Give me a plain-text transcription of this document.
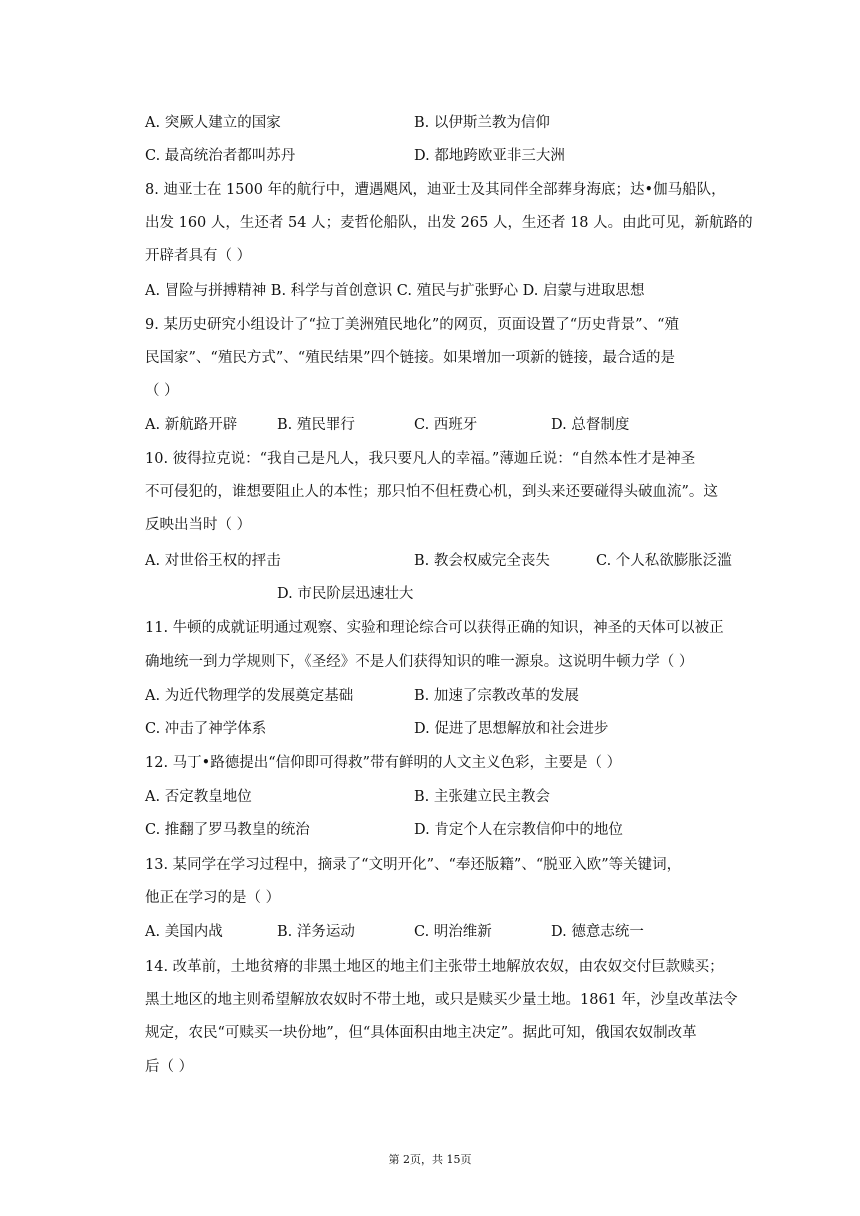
A. 突厥人建立的国家	B. 以伊斯兰教为信仰
C. 最高统治者都叫苏丹	D. 都地跨欧亚非三大洲
8. 迪亚士在 1500 年的航行中，遭遇飓风，迪亚士及其同伴全部葬身海底；达•伽马船队，
出发 160 人，生还者 54 人；麦哲伦船队，出发 265 人，生还者 18 人。由此可见，新航路的
开辟者具有（ ）
A. 冒险与拼搏精神 B. 科学与首创意识 C. 殖民与扩张野心 D. 启蒙与进取思想
9. 某历史研究小组设计了“拉丁美洲殖民地化”的网页，页面设置了“历史背景”、“殖
民国家”、“殖民方式”、“殖民结果”四个链接。如果增加一项新的链接，最合适的是
（ ）
A. 新航路开辟	B. 殖民罪行	C. 西班牙	D. 总督制度
10. 彼得拉克说：“我自己是凡人，我只要凡人的幸福。”薄迦丘说：“自然本性才是神圣
不可侵犯的，谁想要阻止人的本性；那只怕不但枉费心机，到头来还要碰得头破血流”。这
反映出当时（ ）
A. 对世俗王权的抨击	B. 教会权威完全丧失	C. 个人私欲膨胀泛滥
D. 市民阶层迅速壮大
11. 牛顿的成就证明通过观察、实验和理论综合可以获得正确的知识，神圣的天体可以被正
确地统一到力学规则下，《圣经》不是人们获得知识的唯一源泉。这说明牛顿力学（ ）
A. 为近代物理学的发展奠定基础	B. 加速了宗教改革的发展
C. 冲击了神学体系	D. 促进了思想解放和社会进步
12. 马丁•路德提出“信仰即可得救”带有鲜明的人文主义色彩，主要是（ ）
A. 否定教皇地位	B. 主张建立民主教会
C. 推翻了罗马教皇的统治	D. 肯定个人在宗教信仰中的地位
13. 某同学在学习过程中，摘录了“文明开化”、“奉还版籍”、“脱亚入欧”等关键词，
他正在学习的是（ ）
A. 美国内战	B. 洋务运动	C. 明治维新	D. 德意志统一
14. 改革前，土地贫瘠的非黑土地区的地主们主张带土地解放农奴，由农奴交付巨款赎买；
黑土地区的地主则希望解放农奴时不带土地，或只是赎买少量土地。1861 年，沙皇改革法令
规定，农民“可赎买一块份地”，但“具体面积由地主决定”。据此可知，俄国农奴制改革
后（ ）
第 2页，共 15页
